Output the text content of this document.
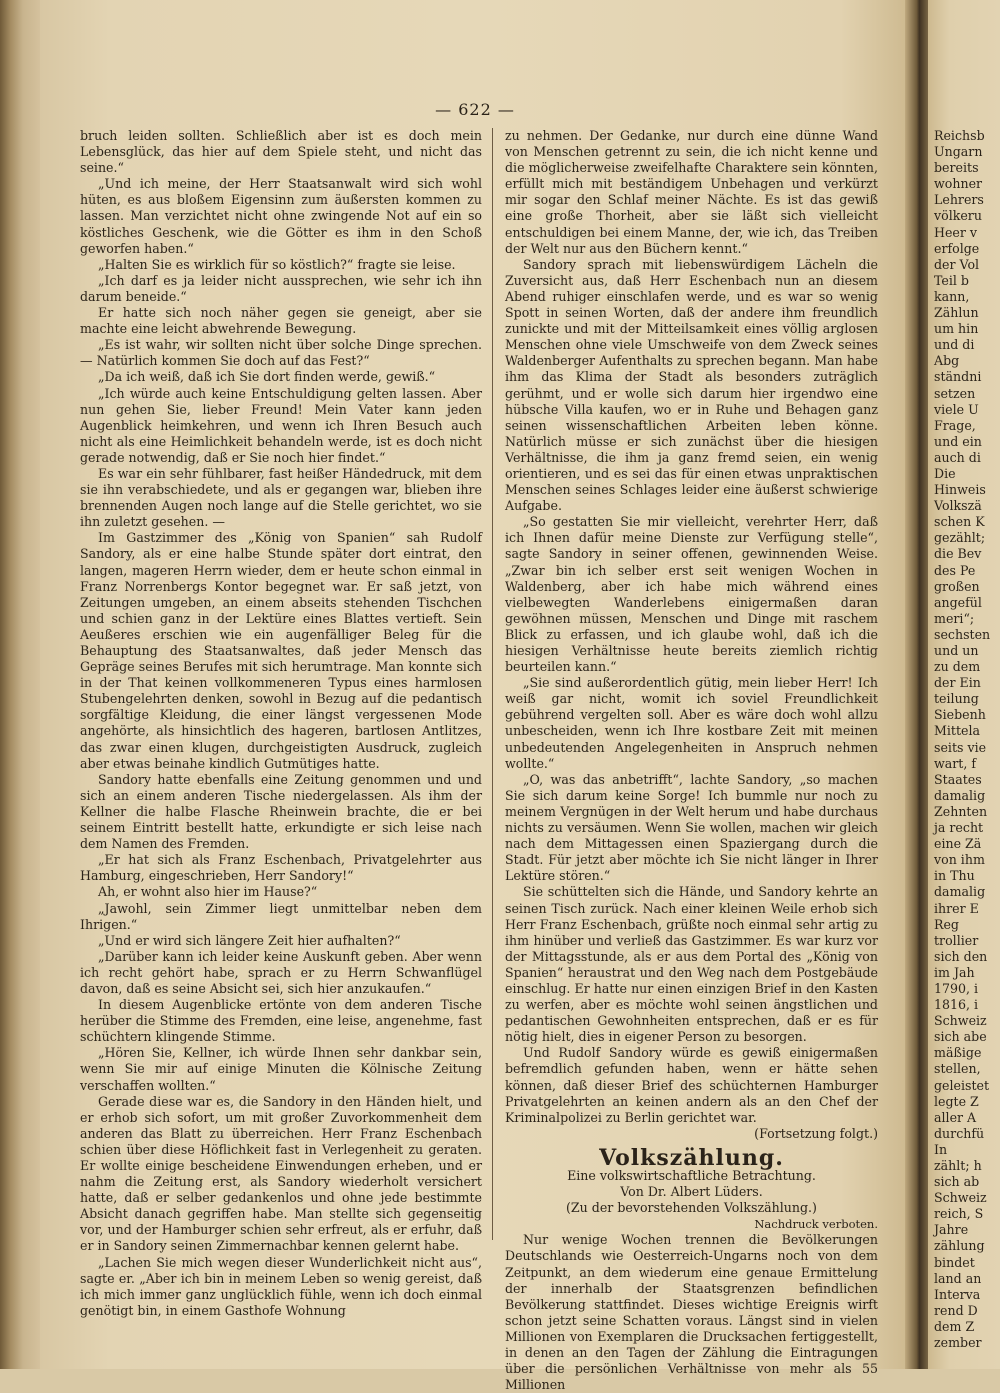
— 622 —

bruch leiden sollten. Schließlich aber ist es doch mein Lebensglück, das hier auf dem Spiele steht, und nicht das seine.“

„Und ich meine, der Herr Staatsanwalt wird sich wohl hüten, es aus bloßem Eigensinn zum äußersten kommen zu lassen. Man verzichtet nicht ohne zwingende Not auf ein so köstliches Geschenk, wie die Götter es ihm in den Schoß geworfen haben.“

„Halten Sie es wirklich für so köstlich?“ fragte sie leise.

„Ich darf es ja leider nicht aussprechen, wie sehr ich ihn darum beneide.“

Er hatte sich noch näher gegen sie geneigt, aber sie machte eine leicht abwehrende Bewegung.

„Es ist wahr, wir sollten nicht über solche Dinge sprechen. — Natürlich kommen Sie doch auf das Fest?“

„Da ich weiß, daß ich Sie dort finden werde, gewiß.“

„Ich würde auch keine Entschuldigung gelten lassen. Aber nun gehen Sie, lieber Freund! Mein Vater kann jeden Augenblick heimkehren, und wenn ich Ihren Besuch auch nicht als eine Heimlichkeit behandeln werde, ist es doch nicht gerade notwendig, daß er Sie noch hier findet.“

Es war ein sehr fühlbarer, fast heißer Händedruck, mit dem sie ihn verabschiedete, und als er gegangen war, blieben ihre brennenden Augen noch lange auf die Stelle gerichtet, wo sie ihn zuletzt gesehen. —

Im Gastzimmer des „König von Spanien“ sah Rudolf Sandory, als er eine halbe Stunde später dort eintrat, den langen, mageren Herrn wieder, dem er heute schon einmal in Franz Norrenbergs Kontor begegnet war. Er saß jetzt, von Zeitungen umgeben, an einem abseits stehenden Tischchen und schien ganz in der Lektüre eines Blattes vertieft. Sein Aeußeres erschien wie ein augenfälliger Beleg für die Behauptung des Staatsanwaltes, daß jeder Mensch das Gepräge seines Berufes mit sich herumtrage. Man konnte sich in der That keinen vollkommeneren Typus eines harmlosen Stubengelehrten denken, sowohl in Bezug auf die pedantisch sorgfältige Kleidung, die einer längst vergessenen Mode angehörte, als hinsichtlich des hageren, bartlosen Antlitzes, das zwar einen klugen, durchgeistigten Ausdruck, zugleich aber etwas beinahe kindlich Gutmütiges hatte.

Sandory hatte ebenfalls eine Zeitung genommen und und sich an einem anderen Tische niedergelassen. Als ihm der Kellner die halbe Flasche Rheinwein brachte, die er bei seinem Eintritt bestellt hatte, erkundigte er sich leise nach dem Namen des Fremden.

„Er hat sich als Franz Eschenbach, Privatgelehrter aus Hamburg, eingeschrieben, Herr Sandory!“

Ah, er wohnt also hier im Hause?“

„Jawohl, sein Zimmer liegt unmittelbar neben dem Ihrigen.“

„Und er wird sich längere Zeit hier aufhalten?“

„Darüber kann ich leider keine Auskunft geben. Aber wenn ich recht gehört habe, sprach er zu Herrn Schwanflügel davon, daß es seine Absicht sei, sich hier anzukaufen.“

In diesem Augenblicke ertönte von dem anderen Tische herüber die Stimme des Fremden, eine leise, angenehme, fast schüchtern klingende Stimme.

„Hören Sie, Kellner, ich würde Ihnen sehr dankbar sein, wenn Sie mir auf einige Minuten die Kölnische Zeitung verschaffen wollten.“

Gerade diese war es, die Sandory in den Händen hielt, und er erhob sich sofort, um mit großer Zuvorkommenheit dem anderen das Blatt zu überreichen. Herr Franz Eschenbach schien über diese Höflichkeit fast in Verlegenheit zu geraten. Er wollte einige bescheidene Einwendungen erheben, und er nahm die Zeitung erst, als Sandory wiederholt versichert hatte, daß er selber gedankenlos und ohne jede bestimmte Absicht danach gegriffen habe. Man stellte sich gegenseitig vor, und der Hamburger schien sehr erfreut, als er erfuhr, daß er in Sandory seinen Zimmernachbar kennen gelernt habe.

„Lachen Sie mich wegen dieser Wunderlichkeit nicht aus“, sagte er. „Aber ich bin in meinem Leben so wenig gereist, daß ich mich immer ganz unglücklich fühle, wenn ich doch einmal genötigt bin, in einem Gasthofe Wohnung

zu nehmen. Der Gedanke, nur durch eine dünne Wand von Menschen getrennt zu sein, die ich nicht kenne und die möglicherweise zweifelhafte Charaktere sein könnten, erfüllt mich mit beständigem Unbehagen und verkürzt mir sogar den Schlaf meiner Nächte. Es ist das gewiß eine große Thorheit, aber sie läßt sich vielleicht entschuldigen bei einem Manne, der, wie ich, das Treiben der Welt nur aus den Büchern kennt.“

Sandory sprach mit liebenswürdigem Lächeln die Zuversicht aus, daß Herr Eschenbach nun an diesem Abend ruhiger einschlafen werde, und es war so wenig Spott in seinen Worten, daß der andere ihm freundlich zunickte und mit der Mitteilsamkeit eines völlig arglosen Menschen ohne viele Umschweife von dem Zweck seines Waldenberger Aufenthalts zu sprechen begann. Man habe ihm das Klima der Stadt als besonders zuträglich gerühmt, und er wolle sich darum hier irgendwo eine hübsche Villa kaufen, wo er in Ruhe und Behagen ganz seinen wissenschaftlichen Arbeiten leben könne. Natürlich müsse er sich zunächst über die hiesigen Verhältnisse, die ihm ja ganz fremd seien, ein wenig orientieren, und es sei das für einen etwas unpraktischen Menschen seines Schlages leider eine äußerst schwierige Aufgabe.

„So gestatten Sie mir vielleicht, verehrter Herr, daß ich Ihnen dafür meine Dienste zur Verfügung stelle“, sagte Sandory in seiner offenen, gewinnenden Weise. „Zwar bin ich selber erst seit wenigen Wochen in Waldenberg, aber ich habe mich während eines vielbewegten Wanderlebens einigermaßen daran gewöhnen müssen, Menschen und Dinge mit raschem Blick zu erfassen, und ich glaube wohl, daß ich die hiesigen Verhältnisse heute bereits ziemlich richtig beurteilen kann.“

„Sie sind außerordentlich gütig, mein lieber Herr! Ich weiß gar nicht, womit ich soviel Freundlichkeit gebührend vergelten soll. Aber es wäre doch wohl allzu unbescheiden, wenn ich Ihre kostbare Zeit mit meinen unbedeutenden Angelegenheiten in Anspruch nehmen wollte.“

„O, was das anbetrifft“, lachte Sandory, „so machen Sie sich darum keine Sorge! Ich bummle nur noch zu meinem Vergnügen in der Welt herum und habe durchaus nichts zu versäumen. Wenn Sie wollen, machen wir gleich nach dem Mittagessen einen Spaziergang durch die Stadt. Für jetzt aber möchte ich Sie nicht länger in Ihrer Lektüre stören.“

Sie schüttelten sich die Hände, und Sandory kehrte an seinen Tisch zurück. Nach einer kleinen Weile erhob sich Herr Franz Eschenbach, grüßte noch einmal sehr artig zu ihm hinüber und verließ das Gastzimmer. Es war kurz vor der Mittagsstunde, als er aus dem Portal des „König von Spanien“ heraustrat und den Weg nach dem Postgebäude einschlug. Er hatte nur einen einzigen Brief in den Kasten zu werfen, aber es möchte wohl seinen ängstlichen und pedantischen Gewohnheiten entsprechen, daß er es für nötig hielt, dies in eigener Person zu besorgen.

Und Rudolf Sandory würde es gewiß einigermaßen befremdlich gefunden haben, wenn er hätte sehen können, daß dieser Brief des schüchternen Hamburger Privatgelehrten an keinen andern als an den Chef der Kriminalpolizei zu Berlin gerichtet war.

(Fortsetzung folgt.)

Volkszählung.

Eine volkswirtschaftliche Betrachtung.

Von Dr. Albert Lüders.

(Zu der bevorstehenden Volkszählung.)

Nachdruck verboten.

Nur wenige Wochen trennen die Bevölkerungen Deutschlands wie Oesterreich-Ungarns noch von dem Zeitpunkt, an dem wiederum eine genaue Ermittelung der innerhalb der Staatsgrenzen befindlichen Bevölkerung stattfindet. Dieses wichtige Ereignis wirft schon jetzt seine Schatten voraus. Längst sind in vielen Millionen von Exemplaren die Drucksachen fertiggestellt, in denen an den Tagen der Zählung die Eintragungen über die persönlichen Verhältnisse von mehr als 55 Millionen

Reichsb
Ungarn
bereits
wohner
Lehrers
völkeru
Heer v
erfolge
der Vol
Teil b
kann,
Zählun
um hin
und di
Abg
ständni
setzen
viele U
Frage,
und ein
auch di
Die
Hinweis
Volkszä
schen K
gezählt;
die Bev
des Pe
großen
angefül
meri“;
sechsten
und un
zu dem
der Ein
teilung
Siebenh
Mittela
seits vie
wart, f
Staates
damalig
Zehnten
ja recht
eine Zä
von ihm
in Thu
damalig
ihrer E
Reg
trollier
sich den
im Jah
1790, i
1816, i
Schweiz
sich abe
mäßige
stellen,
geleistet
legte Z
aller A
durchfü
In
zählt; h
sich ab
Schweiz
reich, S
Jahre
zählung
bindet
land an
Interva
rend D
dem Z
zember
